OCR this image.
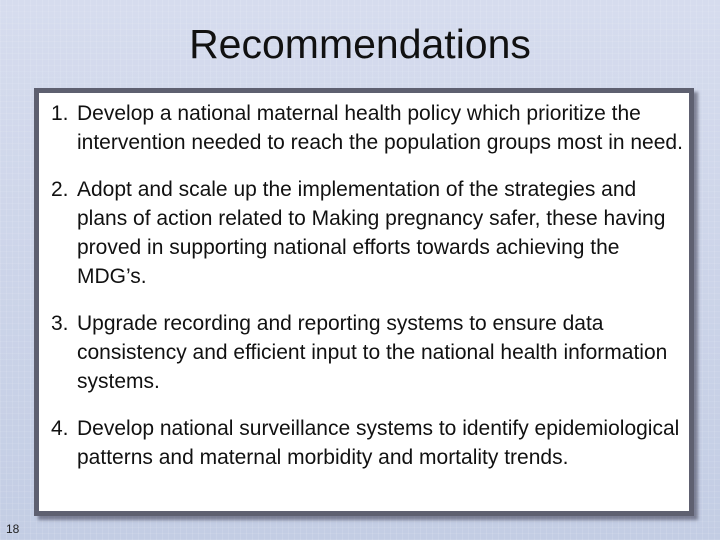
Recommendations
1. Develop a national maternal health policy which prioritize the intervention needed to reach the population groups most in need.
2. Adopt and scale up the implementation of the strategies and plans of action related to Making pregnancy safer, these having proved in supporting national efforts towards achieving the MDG’s.
3. Upgrade recording and reporting systems to ensure data consistency and efficient input to the national health information systems.
4. Develop national surveillance systems to identify epidemiological patterns and maternal morbidity and mortality trends.
18
